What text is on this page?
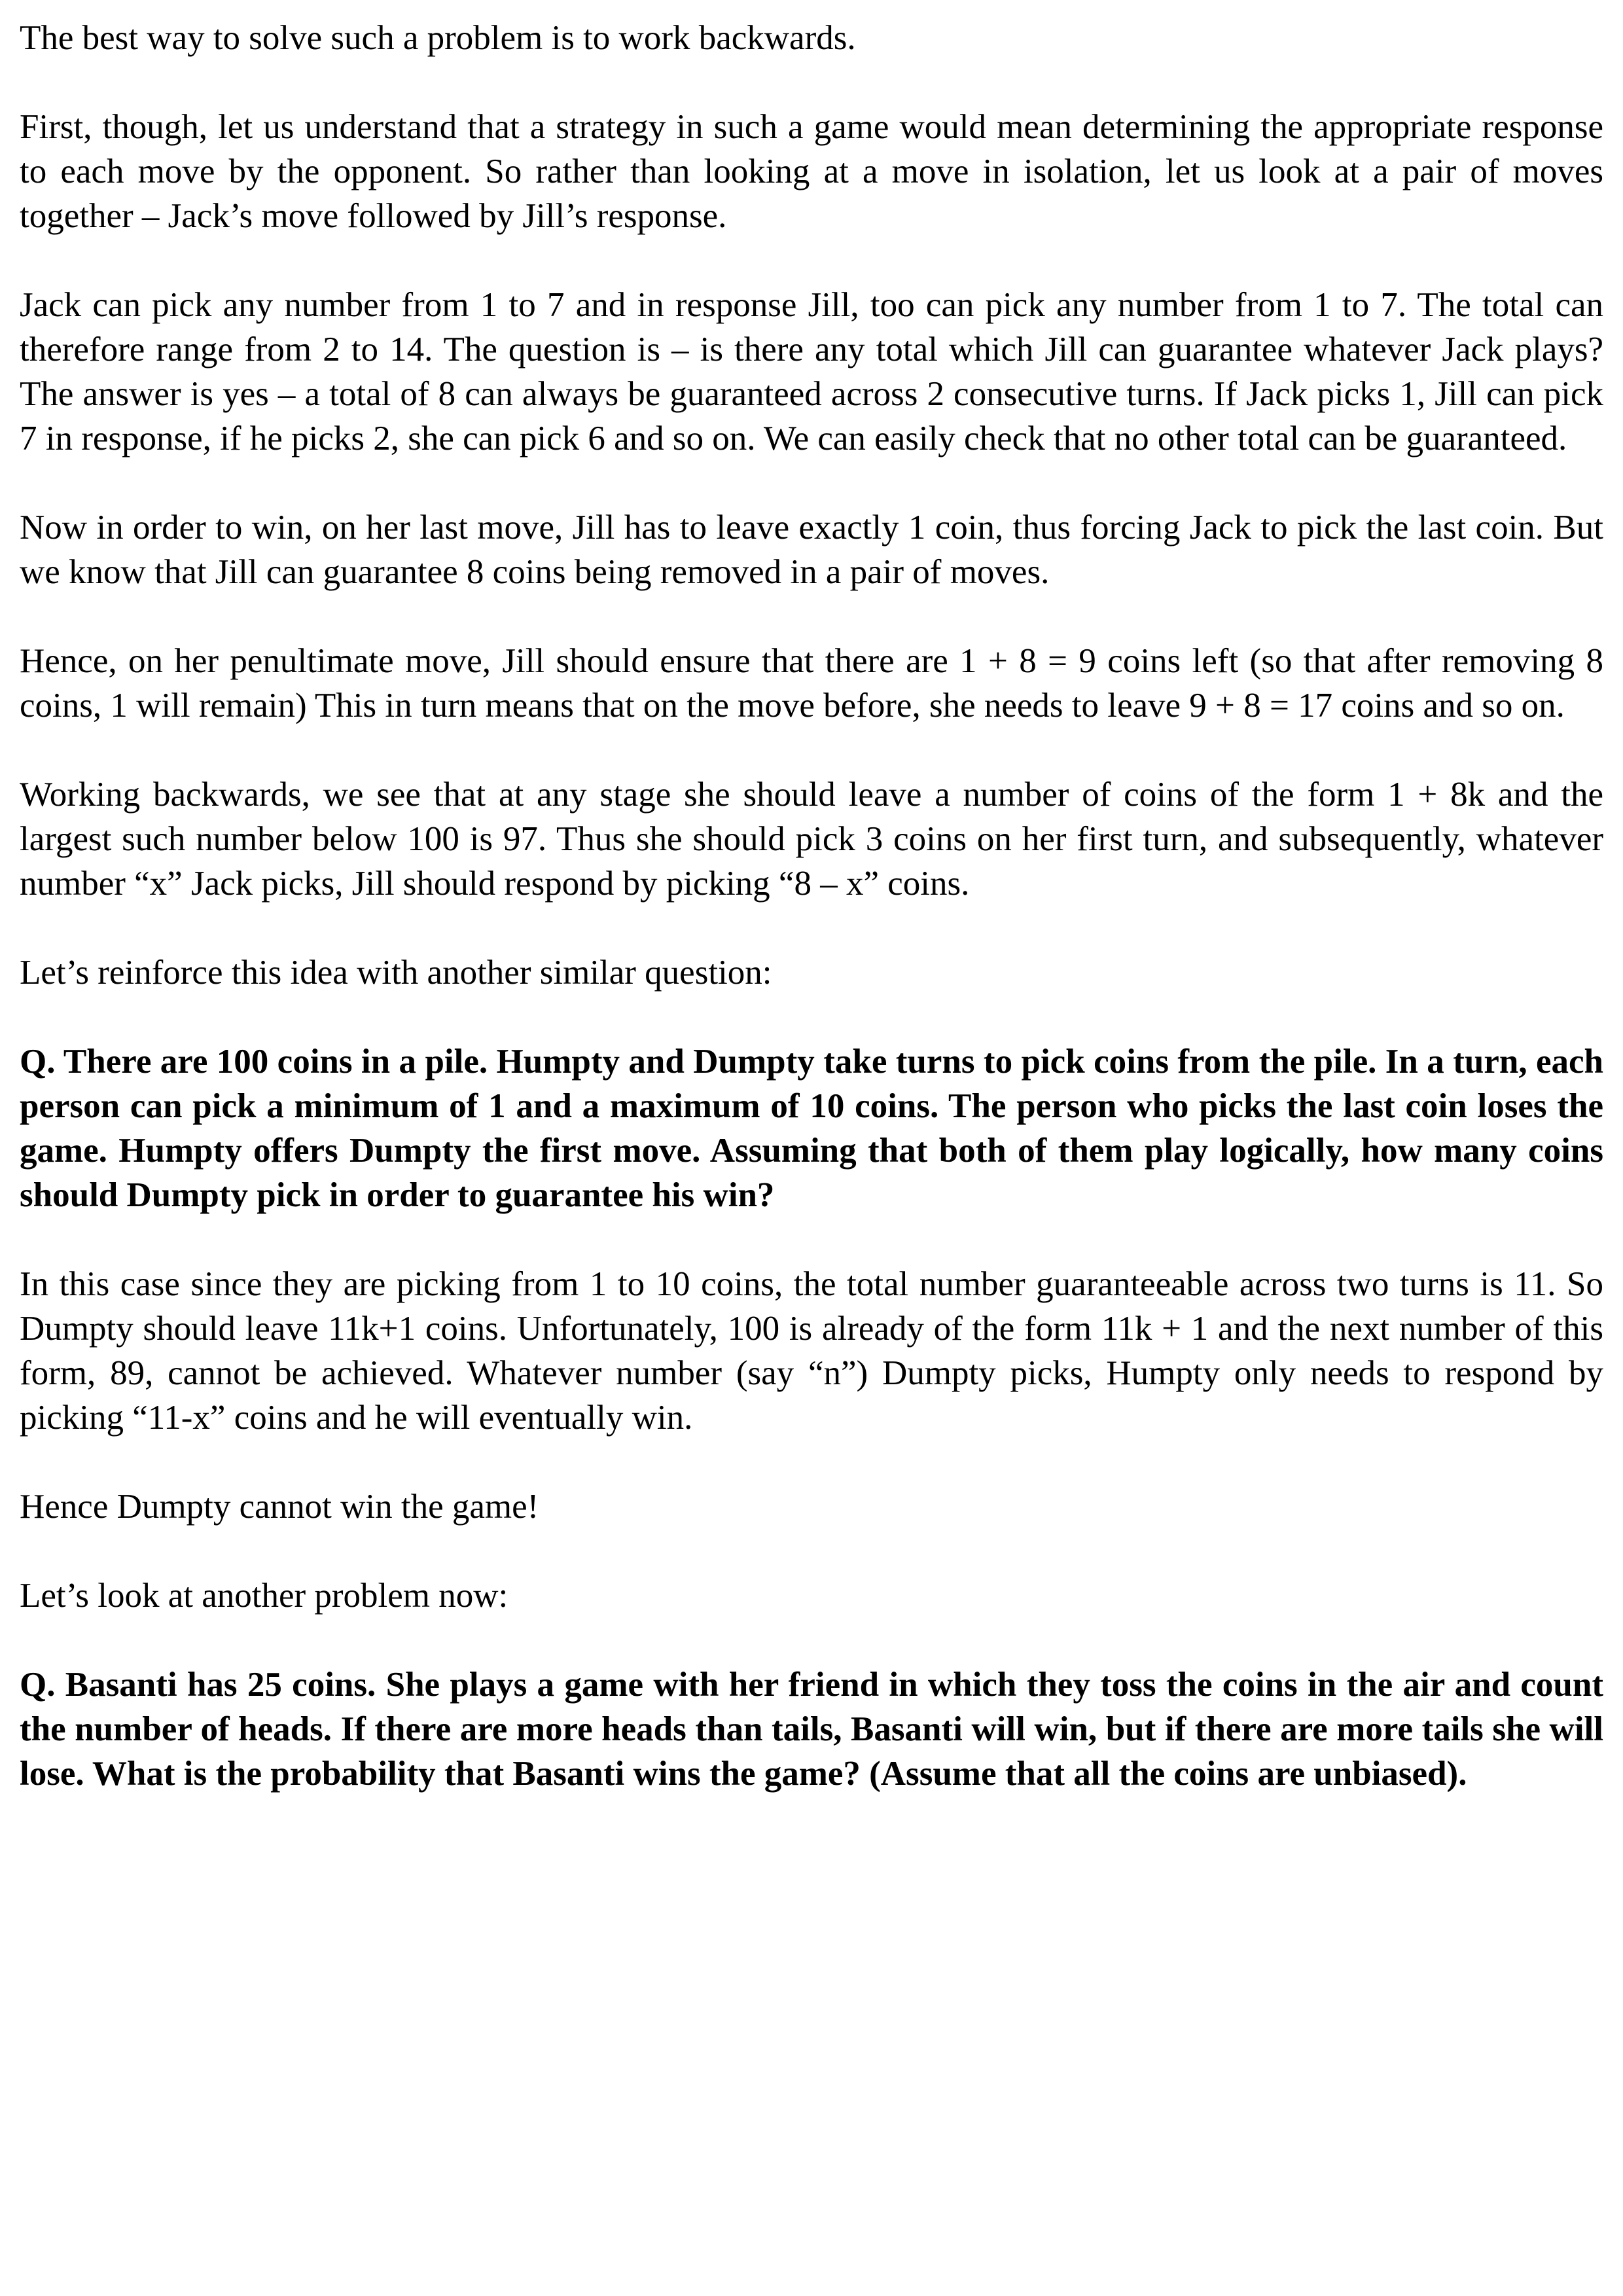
The best way to solve such a problem is to work backwards.

First, though, let us understand that a strategy in such a game would mean determining the appropriate response to each move by the opponent. So rather than looking at a move in isolation, let us look at a pair of moves together – Jack’s move followed by Jill’s response.

Jack can pick any number from 1 to 7 and in response Jill, too can pick any number from 1 to 7. The total can therefore range from 2 to 14. The question is – is there any total which Jill can guarantee whatever Jack plays? The answer is yes – a total of 8 can always be guaranteed across 2 consecutive turns. If Jack picks 1, Jill can pick 7 in response, if he picks 2, she can pick 6 and so on. We can easily check that no other total can be guaranteed.

Now in order to win, on her last move, Jill has to leave exactly 1 coin, thus forcing Jack to pick the last coin. But we know that Jill can guarantee 8 coins being removed in a pair of moves.

Hence, on her penultimate move, Jill should ensure that there are 1 + 8 = 9 coins left (so that after removing 8 coins, 1 will remain) This in turn means that on the move before, she needs to leave 9 + 8 = 17 coins and so on.

Working backwards, we see that at any stage she should leave a number of coins of the form 1 + 8k and the largest such number below 100 is 97. Thus she should pick 3 coins on her first turn, and subsequently, whatever number “x” Jack picks, Jill should respond by picking “8 – x” coins.

Let’s reinforce this idea with another similar question:

Q. There are 100 coins in a pile. Humpty and Dumpty take turns to pick coins from the pile. In a turn, each person can pick a minimum of 1 and a maximum of 10 coins. The person who picks the last coin loses the game. Humpty offers Dumpty the first move. Assuming that both of them play logically, how many coins should Dumpty pick in order to guarantee his win?

In this case since they are picking from 1 to 10 coins, the total number guaranteeable across two turns is 11. So Dumpty should leave 11k+1 coins. Unfortunately, 100 is already of the form 11k + 1 and the next number of this form, 89, cannot be achieved. Whatever number (say “n”) Dumpty picks, Humpty only needs to respond by picking “11-x” coins and he will eventually win.

Hence Dumpty cannot win the game!

Let’s look at another problem now:

Q. Basanti has 25 coins. She plays a game with her friend in which they toss the coins in the air and count the number of heads. If there are more heads than tails, Basanti will win, but if there are more tails she will lose. What is the probability that Basanti wins the game? (Assume that all the coins are unbiased).
